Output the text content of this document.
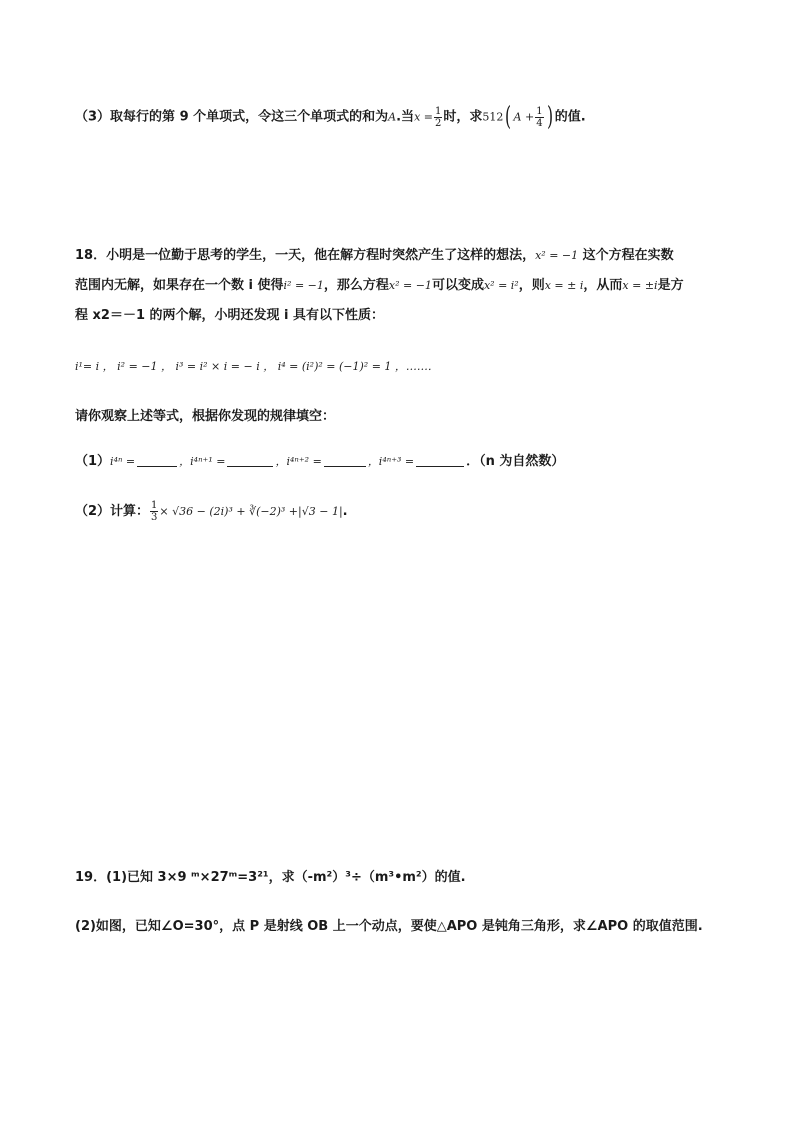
（3）取每行的第 9 个单项式，令这三个单项式的和为A.当$x = \frac{1}{2}$ 时，求512( $A + \frac{1}{4}$ ) 的值.
18．小明是一位勤于思考的学生，一天，他在解方程时突然产生了这样的想法，x² = −1 这个方程在实数
范围内无解，如果存在一个数 i 使得i² = −1，那么方程x² = −1可以变成x² = i²，则x = ± i，从而x = ±i是方
程 x2＝－1 的两个解，小明还发现 i 具有以下性质：
i¹= i ， i² = −1 ， i³ = i² × i = − i ， i⁴ = (i²)² = (−1)² = 1 ，……．
请你观察上述等式，根据你发现的规律填空：
（1）i⁴ⁿ =	，i⁴ⁿ⁺¹ =	，i⁴ⁿ⁺² =	，i⁴ⁿ⁺³ =	．（n 为自然数）
（2）计算： $\frac{1}{3} \times √36 - (2i)^3$ + ∛(−2)³ +|√3 − 1|.
19．(1)已知 3×9 ᵐ×27ᵐ=3²¹，求（-m²）³÷（m³•m²）的值.
(2)如图，已知∠O=30°，点 P 是射线 OB 上一个动点，要使△APO 是钝角三角形，求∠APO 的取值范围.
